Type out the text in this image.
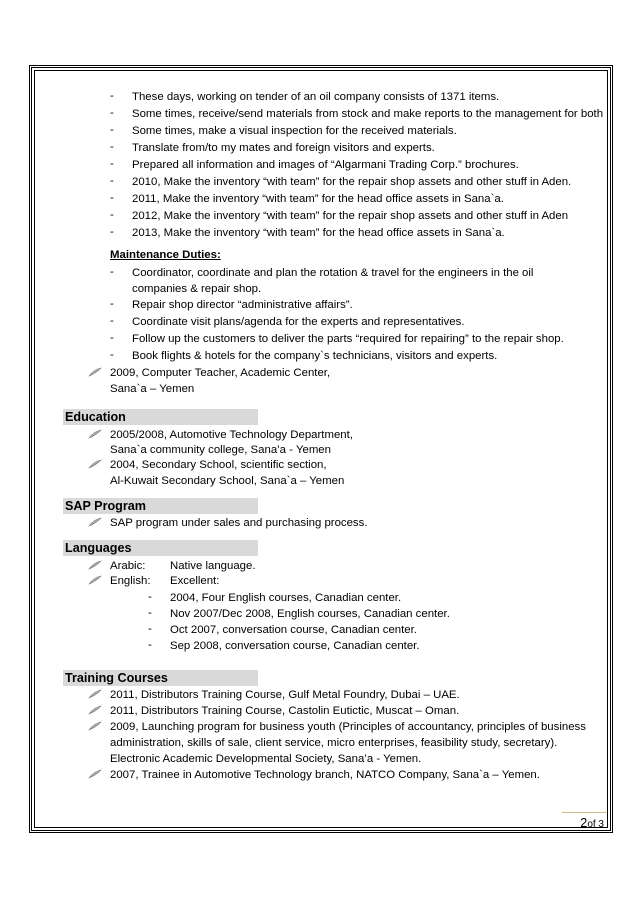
- These days, working on tender of an oil company consists of 1371 items.
- Some times, receive/send materials from stock and make reports to the management for both
- Some times, make a visual inspection for the received materials.
- Translate from/to my mates and foreign visitors and experts.
- Prepared all information and images of “Algarmani Trading Corp.” brochures.
- 2010, Make the inventory “with team” for the repair shop assets and other stuff in Aden.
- 2011, Make the inventory “with team” for the head office assets in Sana`a.
- 2012, Make the inventory “with team” for the repair shop assets and other stuff in Aden
- 2013, Make the inventory “with team” for the head office assets in Sana`a.
Maintenance Duties:
- Coordinator, coordinate and plan the rotation & travel for the engineers in the oil
companies & repair shop.
- Repair shop director “administrative affairs”.
- Coordinate visit plans/agenda for the experts and representatives.
- Follow up the customers to deliver the parts “required for repairing” to the repair shop.
- Book flights & hotels for the company`s technicians, visitors and experts.
2009, Computer Teacher, Academic Center,
Sana`a – Yemen
Education
2005/2008, Automotive Technology Department,
Sana`a community college, Sana’a - Yemen
2004, Secondary School, scientific section,
Al-Kuwait Secondary School, Sana`a – Yemen
SAP Program
SAP program under sales and purchasing process.
Languages
Arabic: Native language.
English: Excellent:
- 2004, Four English courses, Canadian center.
- Nov 2007/Dec 2008, English courses, Canadian center.
- Oct 2007, conversation course, Canadian center.
- Sep 2008, conversation course, Canadian center.
Training Courses
2011, Distributors Training Course, Gulf Metal Foundry, Dubai – UAE.
2011, Distributors Training Course, Castolin Eutictic, Muscat – Oman.
2009, Launching program for business youth (Principles of accountancy, principles of business
administration, skills of sale, client service, micro enterprises, feasibility study, secretary).
Electronic Academic Developmental Society, Sana’a - Yemen.
2007, Trainee in Automotive Technology branch, NATCO Company, Sana`a – Yemen.
2of 3
